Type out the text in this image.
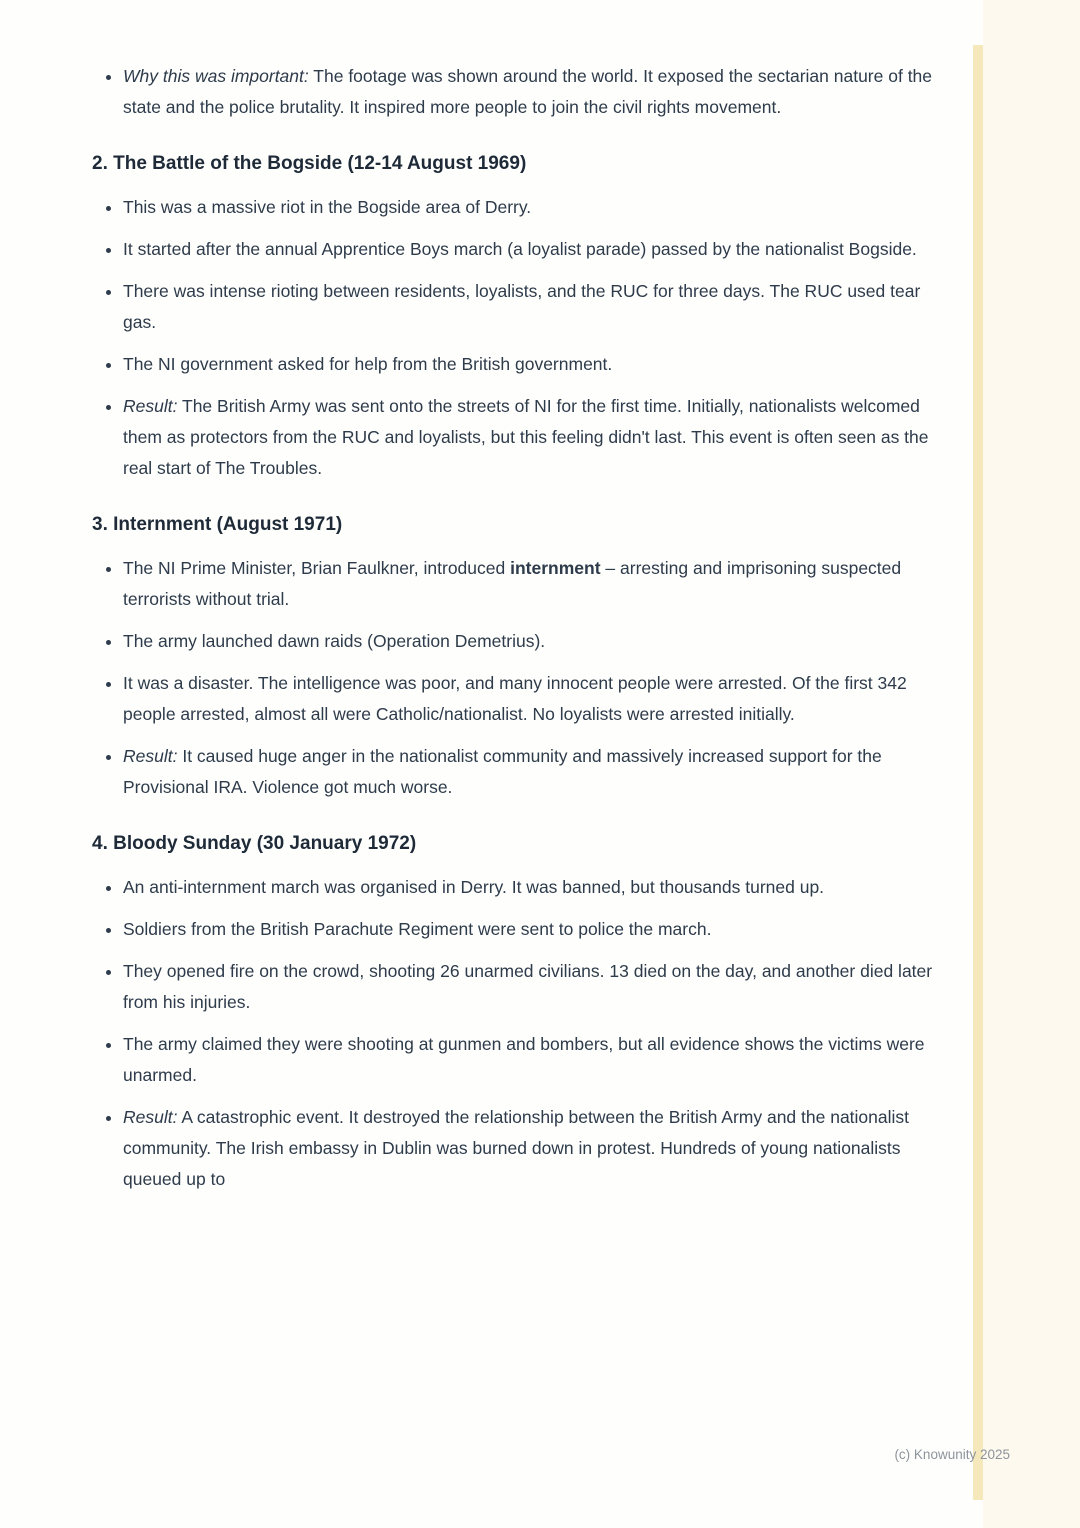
• Why this was important: The footage was shown around the world. It exposed the sectarian nature of the state and the police brutality. It inspired more people to join the civil rights movement.
2. The Battle of the Bogside (12-14 August 1969)
• This was a massive riot in the Bogside area of Derry.
• It started after the annual Apprentice Boys march (a loyalist parade) passed by the nationalist Bogside.
• There was intense rioting between residents, loyalists, and the RUC for three days. The RUC used tear gas.
• The NI government asked for help from the British government.
• Result: The British Army was sent onto the streets of NI for the first time. Initially, nationalists welcomed them as protectors from the RUC and loyalists, but this feeling didn't last. This event is often seen as the real start of The Troubles.
3. Internment (August 1971)
• The NI Prime Minister, Brian Faulkner, introduced internment – arresting and imprisoning suspected terrorists without trial.
• The army launched dawn raids (Operation Demetrius).
• It was a disaster. The intelligence was poor, and many innocent people were arrested. Of the first 342 people arrested, almost all were Catholic/nationalist. No loyalists were arrested initially.
• Result: It caused huge anger in the nationalist community and massively increased support for the Provisional IRA. Violence got much worse.
4. Bloody Sunday (30 January 1972)
• An anti-internment march was organised in Derry. It was banned, but thousands turned up.
• Soldiers from the British Parachute Regiment were sent to police the march.
• They opened fire on the crowd, shooting 26 unarmed civilians. 13 died on the day, and another died later from his injuries.
• The army claimed they were shooting at gunmen and bombers, but all evidence shows the victims were unarmed.
• Result: A catastrophic event. It destroyed the relationship between the British Army and the nationalist community. The Irish embassy in Dublin was burned down in protest. Hundreds of young nationalists queued up to
(c) Knowunity 2025
